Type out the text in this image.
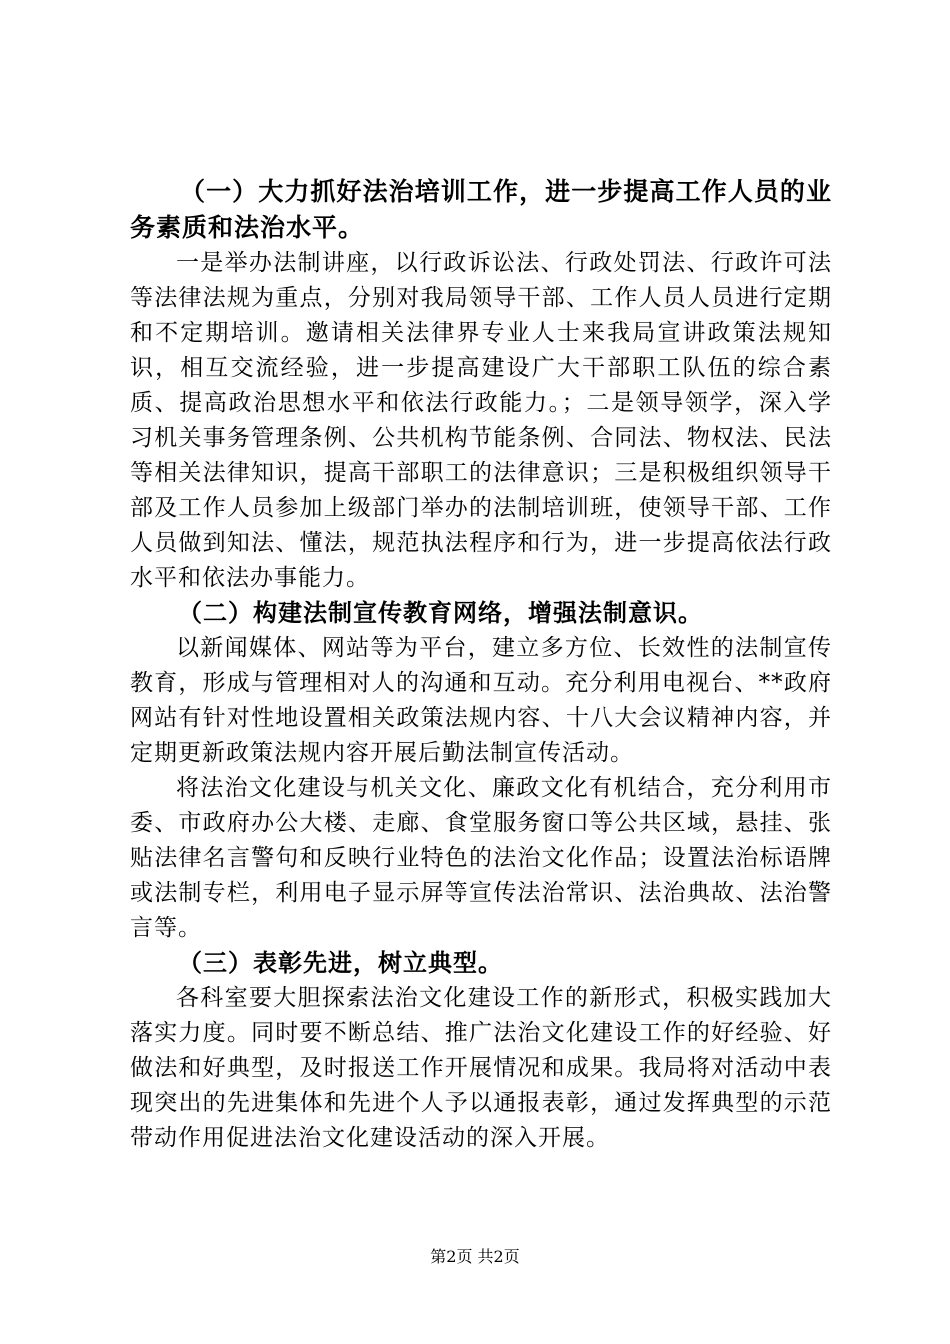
（一）大力抓好法治培训工作，进一步提高工作人员的业务素质和法治水平。

一是举办法制讲座，以行政诉讼法、行政处罚法、行政许可法等法律法规为重点，分别对我局领导干部、工作人员人员进行定期和不定期培训。邀请相关法律界专业人士来我局宣讲政策法规知识，相互交流经验，进一步提高建设广大干部职工队伍的综合素质、提高政治思想水平和依法行政能力。；二是领导领学，深入学习机关事务管理条例、公共机构节能条例、合同法、物权法、民法等相关法律知识，提高干部职工的法律意识；三是积极组织领导干部及工作人员参加上级部门举办的法制培训班，使领导干部、工作人员做到知法、懂法，规范执法程序和行为，进一步提高依法行政水平和依法办事能力。

（二）构建法制宣传教育网络，增强法制意识。

以新闻媒体、网站等为平台，建立多方位、长效性的法制宣传教育，形成与管理相对人的沟通和互动。充分利用电视台、**政府网站有针对性地设置相关政策法规内容、十八大会议精神内容，并定期更新政策法规内容开展后勤法制宣传活动。

将法治文化建设与机关文化、廉政文化有机结合，充分利用市委、市政府办公大楼、走廊、食堂服务窗口等公共区域，悬挂、张贴法律名言警句和反映行业特色的法治文化作品；设置法治标语牌或法制专栏，利用电子显示屏等宣传法治常识、法治典故、法治警言等。

（三）表彰先进，树立典型。

各科室要大胆探索法治文化建设工作的新形式，积极实践加大落实力度。同时要不断总结、推广法治文化建设工作的好经验、好做法和好典型，及时报送工作开展情况和成果。我局将对活动中表现突出的先进集体和先进个人予以通报表彰，通过发挥典型的示范带动作用促进法治文化建设活动的深入开展。

第2页 共2页
